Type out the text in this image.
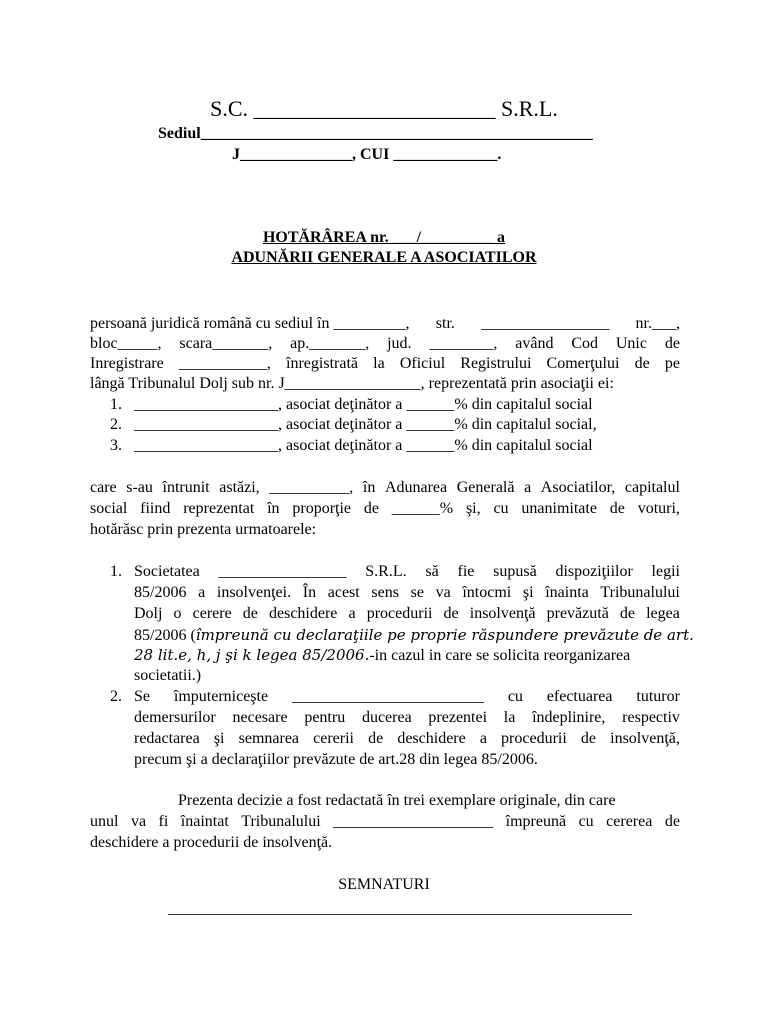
S.C. ______________________ S.R.L.
Sediul_________________________________________________
J______________, CUI _____________.
HOTĂRÂREA nr. ___/_________ a
ADUNĂRII GENERALE A ASOCIATILOR
persoană juridică română cu sediul în _________, str. ________________ nr.___,
bloc_____, scara_______, ap._______, jud. ________, având Cod Unic de
Inregistrare ___________, înregistrată la Oficiul Registrului Comerţului de pe
lângă Tribunalul Dolj sub nr. J_________________, reprezentată prin asociaţii ei:
1. __________________, asociat deţinător a ______% din capitalul social
2. __________________, asociat deţinător a ______% din capitalul social,
3. __________________, asociat deţinător a ______% din capitalul social
care s-au întrunit astăzi, __________, în Adunarea Generală a Asociatilor, capitalul
social fiind reprezentat în proporţie de ______% şi, cu unanimitate de voturi,
hotărăsc prin prezenta urmatoarele:
1. Societatea ________________ S.R.L. să fie supusă dispoziţiilor legii
85/2006 a insolvenţei. În acest sens se va întocmi şi înainta Tribunalului
Dolj o cerere de deschidere a procedurii de insolvenţă prevăzută de legea
85/2006 (împreună cu declaraţiile pe proprie răspundere prevăzute de art.
28 lit.e, h, j şi k legea 85/2006.-in cazul in care se solicita reorganizarea
societatii.)
2. Se împuterniceşte ________________________ cu efectuarea tuturor
demersurilor necesare pentru ducerea prezentei la îndeplinire, respectiv
redactarea şi semnarea cererii de deschidere a procedurii de insolvenţă,
precum şi a declaraţiilor prevăzute de art.28 din legea 85/2006.
Prezenta decizie a fost redactată în trei exemplare originale, din care
unul va fi înaintat Tribunalului ____________________ împreună cu cererea de
deschidere a procedurii de insolvenţă.
SEMNATURI
__________________________________________________________
